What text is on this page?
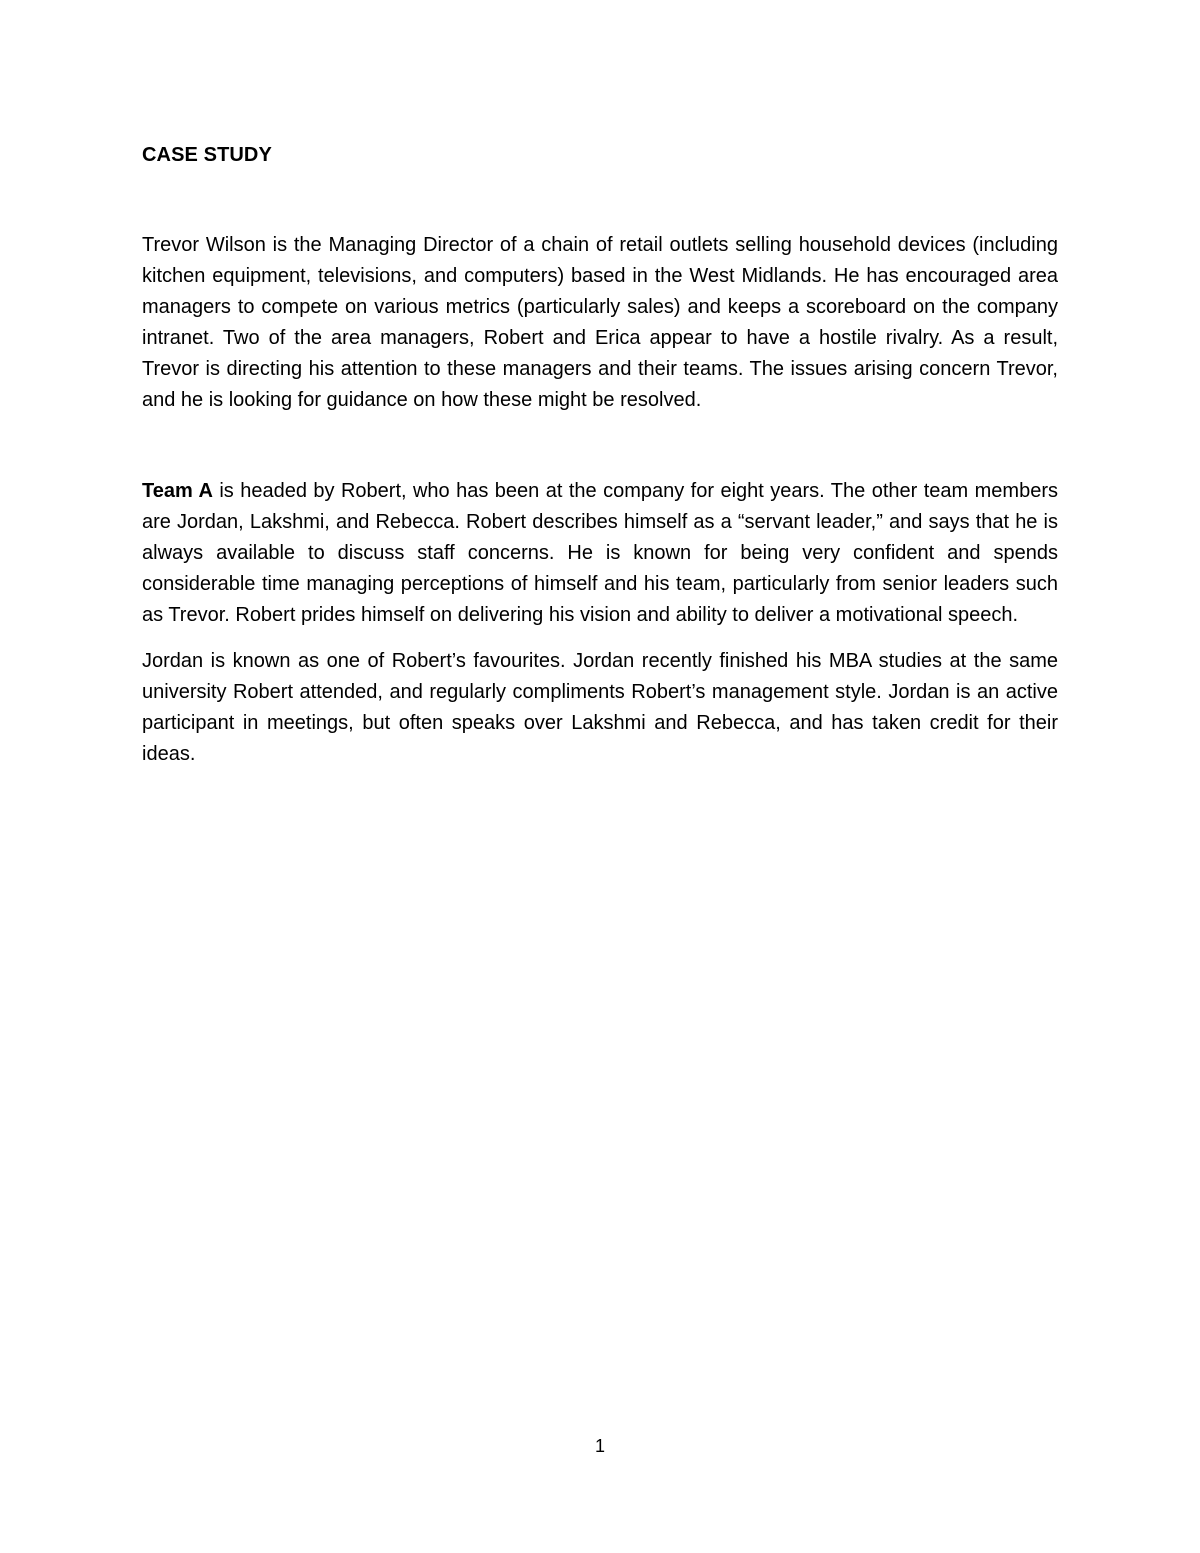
CASE STUDY

Trevor Wilson is the Managing Director of a chain of retail outlets selling household devices (including kitchen equipment, televisions, and computers) based in the West Midlands. He has encouraged area managers to compete on various metrics (particularly sales) and keeps a scoreboard on the company intranet. Two of the area managers, Robert and Erica appear to have a hostile rivalry. As a result, Trevor is directing his attention to these managers and their teams. The issues arising concern Trevor, and he is looking for guidance on how these might be resolved.

Team A is headed by Robert, who has been at the company for eight years. The other team members are Jordan, Lakshmi, and Rebecca. Robert describes himself as a “servant leader,” and says that he is always available to discuss staff concerns. He is known for being very confident and spends considerable time managing perceptions of himself and his team, particularly from senior leaders such as Trevor. Robert prides himself on delivering his vision and ability to deliver a motivational speech.

Jordan is known as one of Robert’s favourites. Jordan recently finished his MBA studies at the same university Robert attended, and regularly compliments Robert’s management style. Jordan is an active participant in meetings, but often speaks over Lakshmi and Rebecca, and has taken credit for their ideas.

1
